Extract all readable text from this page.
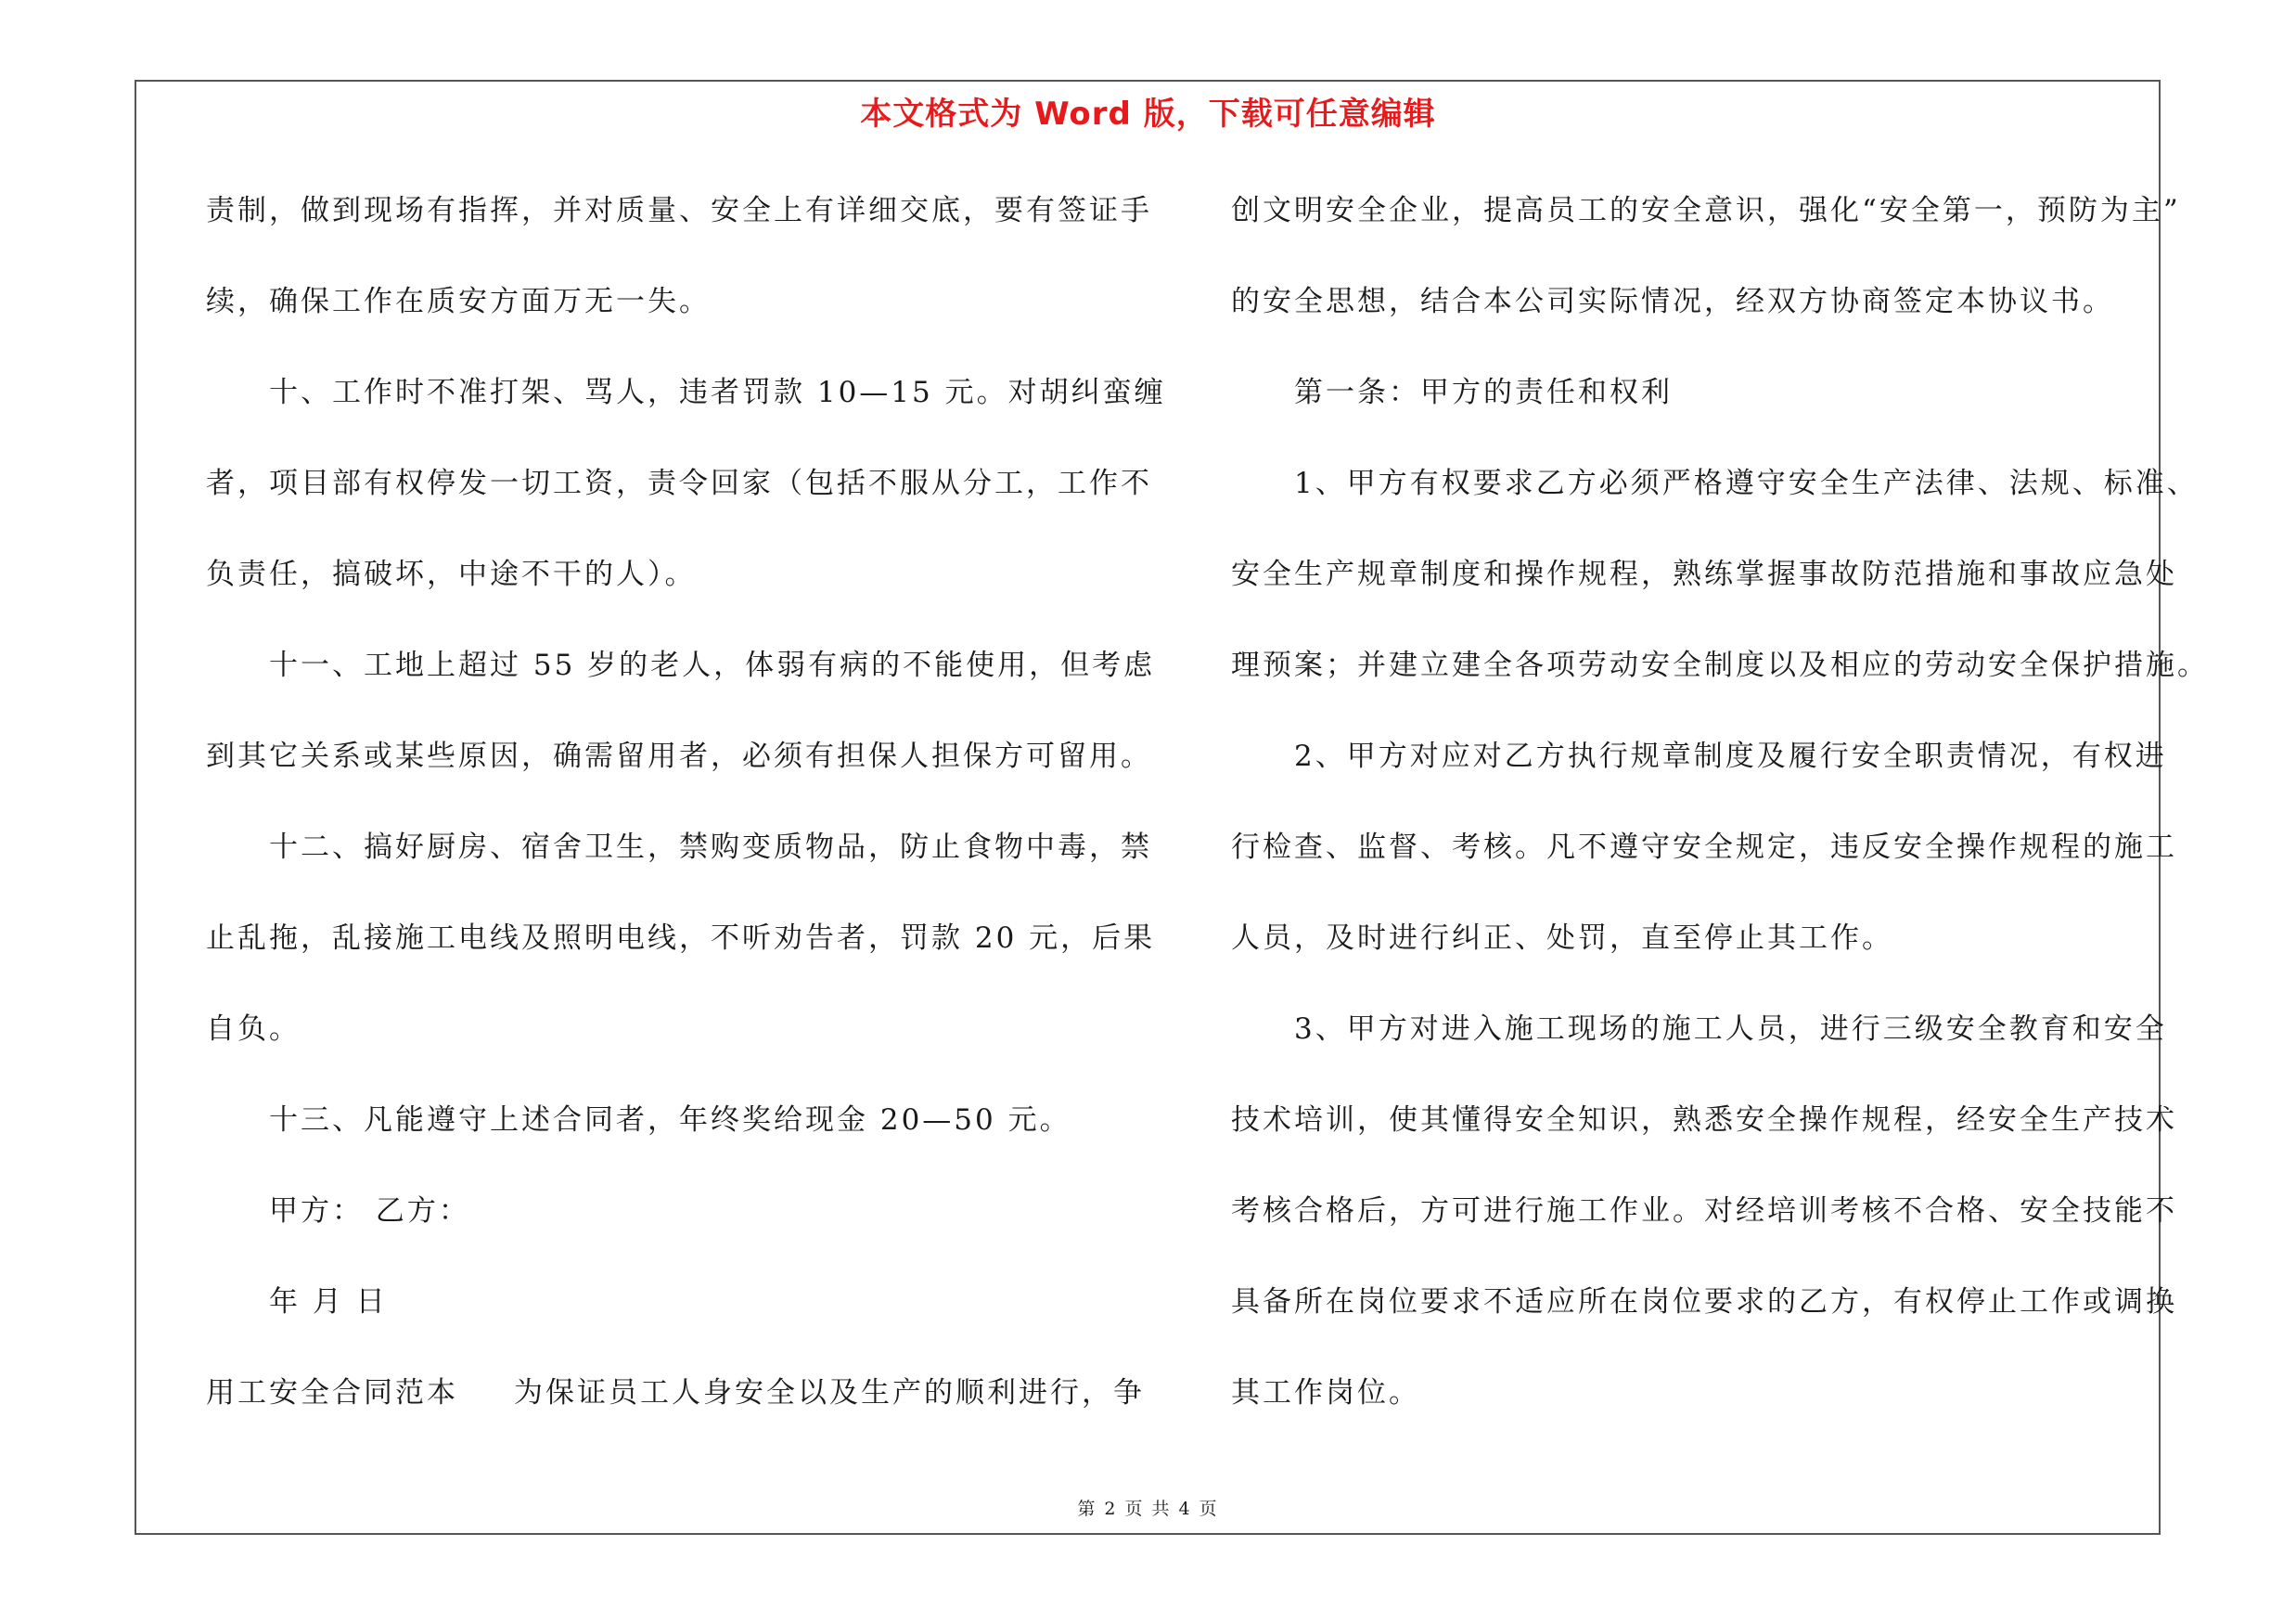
本文格式为 Word 版，下载可任意编辑
责制，做到现场有指挥，并对质量、安全上有详细交底，要有签证手
续，确保工作在质安方面万无一失。
十、工作时不准打架、骂人，违者罚款 10—15 元。对胡纠蛮缠
者，项目部有权停发一切工资，责令回家（包括不服从分工，工作不
负责任，搞破坏，中途不干的人）。
十一、工地上超过 55 岁的老人，体弱有病的不能使用，但考虑
到其它关系或某些原因，确需留用者，必须有担保人担保方可留用。
十二、搞好厨房、宿舍卫生，禁购变质物品，防止食物中毒，禁
止乱拖，乱接施工电线及照明电线，不听劝告者，罚款 20 元，后果
自负。
十三、凡能遵守上述合同者，年终奖给现金 20—50 元。
甲方： 乙方：
年 月 日
用工安全合同范本 为保证员工人身安全以及生产的顺利进行，争
创文明安全企业，提高员工的安全意识，强化“安全第一，预防为主”
的安全思想，结合本公司实际情况，经双方协商签定本协议书。
第一条：甲方的责任和权利
1、甲方有权要求乙方必须严格遵守安全生产法律、法规、标准、
安全生产规章制度和操作规程，熟练掌握事故防范措施和事故应急处
理预案；并建立建全各项劳动安全制度以及相应的劳动安全保护措施。
2、甲方对应对乙方执行规章制度及履行安全职责情况，有权进
行检查、监督、考核。凡不遵守安全规定，违反安全操作规程的施工
人员，及时进行纠正、处罚，直至停止其工作。
3、甲方对进入施工现场的施工人员，进行三级安全教育和安全
技术培训，使其懂得安全知识，熟悉安全操作规程，经安全生产技术
考核合格后，方可进行施工作业。对经培训考核不合格、安全技能不
具备所在岗位要求不适应所在岗位要求的乙方，有权停止工作或调换
其工作岗位。
第 2 页 共 4 页
